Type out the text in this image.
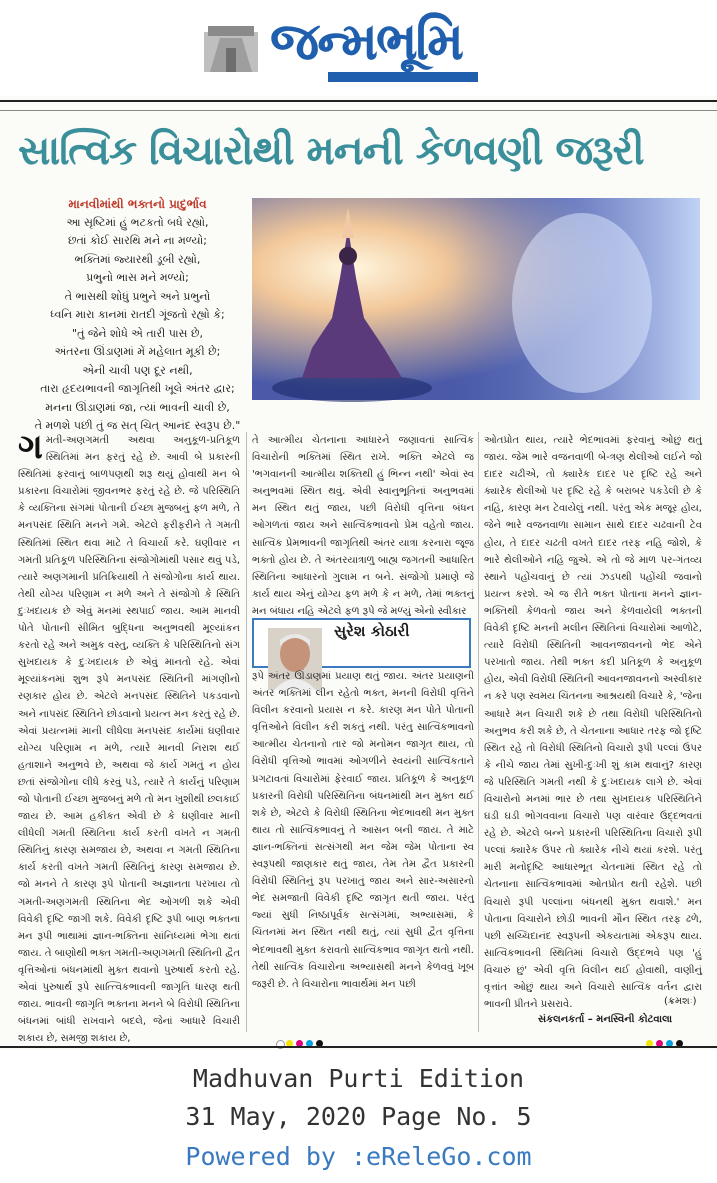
જન્મભૂમિ
સાત્વિક વિચારોથી મનની કેળવણી જરૂરી
માનવીમાંથી ભક્તનો પ્રાદુર્ભાવ
આ સૃષ્ટિમાં હું ભટકતો બધે રહ્યો,
છતાં કોઈ સારથિ મને ના મળ્યો;
ભક્તિમાં જ્યારથી ડૂબી રહ્યો,
પ્રભુનો ભાસ મને મળ્યો;
તે ભાસથી શોધું પ્રભુને અને પ્રભુનો
ધ્વનિ મારા કાનમાં રાતદી ગૂંજતો રહ્યો કે;
"તું જેને શોધે એ તારી પાસ છે,
અંતરના ઊંડાણમાં મેં મહેલાત મૂકી છે;
એની ચાવી પણ દૂર નથી,
તારા હૃદયભાવની જાગૃતિથી ખૂલે અંતર દ્વાર;
મનના ઊંડાણમાં જા, ત્યાં ભાવની ચાવી છે,
તે મળશે પછી તું જ સત્‌ ચિત્‌ આનંદ સ્વરૂપ છે."
ગ મતી-અણગમતી અથવા અનુકૂળ-પ્રતિકૂળ સ્થિતિમાં મન ફરતું રહે છે. આવી બે પ્રકારની સ્થિતિમાં ફરવાનું બાળપણથી શરૂ થયું હોવાથી મન બે પ્રકારના વિચારોમાં જીવનભર ફરતું રહે છે. જે પરિસ્થિતિ કે વ્યક્તિના સંગમાં પોતાની ઈચ્છા મુજબનું ફળ મળે, તે મનપસંદ સ્થિતિ મનને ગમે. એટલે ફરીફરીને તે ગમતી સ્થિતિમાં સ્થિત થવા માટે તે વિચાર્યા કરે. ઘણીવાર ન ગમતી પ્રતિકૂળ પરિસ્થિતિના સંજોગોમાંથી પસાર થવું પડે, ત્યારે અણગમાની પ્રતિક્રિયાથી તે સંજોગોના કાર્ય થાય. તેથી યોગ્ય પરિણામ ન મળે અને તે સંજોગો કે સ્થિતિ દુઃખદાયક છે એવું મનમાં સ્થપાઈ જાય. આમ માનવી પોતે પોતાની સીમિત બુદ્ધિના અનુભવથી મૂલ્યાંકન કરતો રહે અને અમુક વસ્તુ, વ્યક્તિ કે પરિસ્થિતિનો સંગ સુખદાયક કે દુઃખદાયક છે એવું માનતો રહે. એવાં મૂલ્યાંકનમાં શુભ રૂપે મનપસંદ સ્થિતિની માંગણીનો રણકાર હોય છે. એટલે મનપસંદ સ્થિતિને પકડવાનો અને નાપસંદ સ્થિતિને છોડવાનો પ્રયત્ન મન કરતું રહે છે. એવાં પ્રયત્નમાં માની લીધેલા મનપસંદ કાર્યમાં ઘણીવાર યોગ્ય પરિણામ ન મળે, ત્યારે માનવી નિરાશ થઈ હતાશાને અનુભવે છે, અથવા જે કાર્ય ગમતું ન હોય છતાં સંજોગોના લીધે કરવું પડે, ત્યારે તે કાર્યનું પરિણામ જો પોતાની ઈચ્છા મુજબનું મળે તો મન ખુશીથી છલકાઈ જાય છે. આમ હકીકત એવી છે કે ઘણીવાર માની લીધેલી ગમતી સ્થિતિના કાર્ય કરતી વખતે ન ગમતી સ્થિતિનું કારણ સમજાય છે, અથવા ન ગમતી સ્થિતિના કાર્ય કરતી વખતે ગમતી સ્થિતિનું કારણ સમજાય છે. જો મનને તે કારણ રૂપે પોતાની અજ્ઞાનતા પરખાય તો ગમતી-અણગમતી સ્થિતિના ભેદ ઓગળી શકે એવી વિવેકી દૃષ્ટિ જાગી શકે. વિવેકી દૃષ્ટિ રૂપી બાણ ભક્તના મન રૂપી ભાથામાં જ્ઞાન-ભક્તિના સાંનિધ્યમાં ભેગા થતાં જાય. તે બાણોથી ભક્ત ગમતી-અણગમતી સ્થિતિની દ્વૈત વૃત્તિઓનાં બંધનમાંથી મુક્ત થવાનો પુરુષાર્થ કરતો રહે. એવાં પુરુષાર્થ રૂપે સાત્ત્વિકભાવની જાગૃતિ ધારણ થતી જાય. ભાવની જાગૃતિ ભક્તના મનને બે વિરોધી સ્થિતિના બંધનમાં બાંધી રાખવાને બદલે, જેનાં આધારે વિચારી શકાય છે, સમજી શકાય છે,
તે આત્મીય ચેતનાના આધારને જણાવતાં સાત્વિક વિચારોની ભક્તિમાં સ્થિત રાખે. ભક્તિ એટલે જ 'ભગવાનની આત્મીય શક્તિથી હું ભિન્ન નથી' એવાં સ્વ અનુભવમાં સ્થિત થવું. એવી સ્વાનુભૂતિનાં અનુભવમાં મન સ્થિત થતું જાય, પછી વિરોધી વૃત્તિના બંધન ઓગળતાં જાય અને સાત્વિકભાવનો પ્રેમ વહેતો જાય. સાત્વિક પ્રેમભાવની જાગૃતિથી અંતર યાત્રા કરનારા જૂજ ભક્તો હોય છે. તે અંતરયાત્રાળુ બાહ્ય જગતની આધારિત સ્થિતિના આધારનો ગુલામ ન બને. સંજોગો પ્રમાણે જે કાર્ય થાય એનું યોગ્ય ફળ મળે કે ન મળે, તેમાં ભક્તનું મન બંધાય નહિ એટલે ફળ રૂપે જે મળ્યું એનો સ્વીકાર
સુરેશ કોઠારી
રૂપે અંતર ઊંડાણમાં પ્રયાણ થતું જાય. અંતર પ્રયાણની અંતર ભક્તિમાં લીન રહેતો ભક્ત, મનની વિરોધી વૃત્તિને વિલીન કરવાનો પ્રયાસ ન કરે. કારણ મન પોતે પોતાની વૃત્તિઓને વિલીન કરી શકતું નથી. પરંતુ સાત્વિકભાવનો આત્મીય ચેતનાનો તાર જો મનોમન જાગૃત થાય, તો વિરોધી વૃત્તિઓ ભાવમાં ઓગળીને સ્વયંની સાત્વિકતાને પ્રગટાવતાં વિચારોમાં ફેરવાઈ જાય. પ્રતિકૂળ કે અનુકૂળ પ્રકારની વિરોધી પરિસ્થિતિના બંધનમાંથી મન મુક્ત થઈ શકે છે, એટલે કે વિરોધી સ્થિતિના ભેદભાવથી મન મુક્ત થાય તો સાત્વિકભાવનું તે આસન બની જાય. તે માટે જ્ઞાન-ભક્તિનાં સત્સંગથી મન જેમ જેમ પોતાના સ્વ સ્વરૂપથી જાણકાર થતું જાય, તેમ તેમ દ્વૈત પ્રકારની વિરોધી સ્થિતિનું રૂપ પરખાતું જાય અને સાર-અસારનો ભેદ સમજાતી વિવેકી દૃષ્ટિ જાગૃત થતી જાય. પરંતુ જ્યાં સુધી નિષ્ઠાપૂર્વક સત્સંગમાં, અભ્યાસમાં, કે ચિંતનમાં મન સ્થિત નથી થતું, ત્યાં સુધી દ્વૈત વૃત્તિના ભેદભાવથી મુક્ત કરાવતો સાત્વિકભાવ જાગૃત થતો નથી. તેથી સાત્વિક વિચારોના અભ્યાસથી મનને કેળવવું ખૂબ જરૂરી છે. તે વિચારોના ભાવાર્થમાં મન પછી
ઓતપ્રોત થાય, ત્યારે ભેદભાવમાં ફરવાનું ઓછું થતું જાય. જેમ ભારે વજનવાળી બે-ત્રણ થેલીઓ લઈને જો દાદર ચઢીએ, તો ક્યારેક દાદર પર દૃષ્ટિ રહે અને ક્યારેક થેલીઓ પર દૃષ્ટિ રહે કે બરાબર પકડેલી છે કે નહિ, કારણ મન ટેવાયેલું નથી. પરંતુ એક મજૂર હોય, જેને ભારે વજનવાળા સામાન સાથે દાદર ચઢવાની ટેવ હોય, તે દાદર ચઢતી વખતે દાદર તરફ નહિ જોશે, કે ભારે થેલીઓને નહિ જુએ. એ તો જે માળ પર-ગંતવ્ય સ્થાને પહોંચવાનું છે ત્યાં ઝડપથી પહોંચી જવાનો પ્રયત્ન કરશે. એ જ રીતે ભક્ત પોતાના મનને જ્ઞાન-ભક્તિથી કેળવતો જાય અને કેળવાયેલી ભક્તની વિવેકી દૃષ્ટિ મનની મલીન સ્થિતિનાં વિચારોમાં આળોટે, ત્યારે વિરોધી સ્થિતિની આવનજાવનનો ભેદ એને પરખાતો જાય. તેથી ભક્ત કદી પ્રતિકૂળ કે અનુકૂળ હોય, એવી વિરોધી સ્થિતિની આવનજાવનનો અસ્વીકાર ન કરે પણ સ્વમય ચિંતનના આશ્રયથી વિચારે કે, 'જેના આધારે મન વિચારી શકે છે તથા વિરોધી પરિસ્થિતિનો અનુભવ કરી શકે છે, તે ચેતનાના આધાર તરફ જો દૃષ્ટિ સ્થિત રહે તો વિરોધી સ્થિતિનો વિચારો રૂપી પલ્લાં ઉપર કે નીચે જાય તેમાં સુખી-દુઃખી શું કામ થવાનું? કારણ જે પરિસ્થિતિ ગમતી નથી કે દુઃખદાયક લાગે છે. એવાં વિચારોનો મનમાં ભાર છે તથા સુખદાયક પરિસ્થિતિને ઘડી ઘડી ભોગવવાના વિચારો પણ વારંવાર ઉદ્દભવતાં રહે છે. એટલે બન્ને પ્રકારની પરિસ્થિતિના વિચારો રૂપી પલ્લાં ક્યારેક ઉપર તો ક્યારેક નીચે થયાં કરશે. પરંતુ મારી મનોદૃષ્ટિ આધારભૂત ચેતનામાં સ્થિત રહે તો ચેતનાના સાત્વિકભાવમાં ઓતપ્રોત થતી રહેશે. પછી વિચારો રૂપી પલ્લાંના બંધનથી મુક્ત થવાશે.' મન પોતાના વિચારોને છોડી ભાવની મૌન સ્થિત તરફ ઢળે, પછી સચ્ચિદાનંદ સ્વરૂપની એકયતામાં એકરૂપ થાય. સાત્વિકભાવની સ્થિતિમાં વિચારો ઉદ્દભવે પણ 'હું વિચારું છું' એવી વૃત્તિ વિલીન થઈ હોવાથી, વાણીનું વૃત્તાંત ઓછું થાય અને વિચારો સાત્વિક વર્તન દ્વારા ભાવની પ્રીતને પ્રસરાવે.	(ક્રમશઃ)
સંકલનકર્તા – મનસ્વિની કોટવાલા
Madhuvan Purti Edition
31 May, 2020 Page No. 5
Powered by :eReleGo.com
